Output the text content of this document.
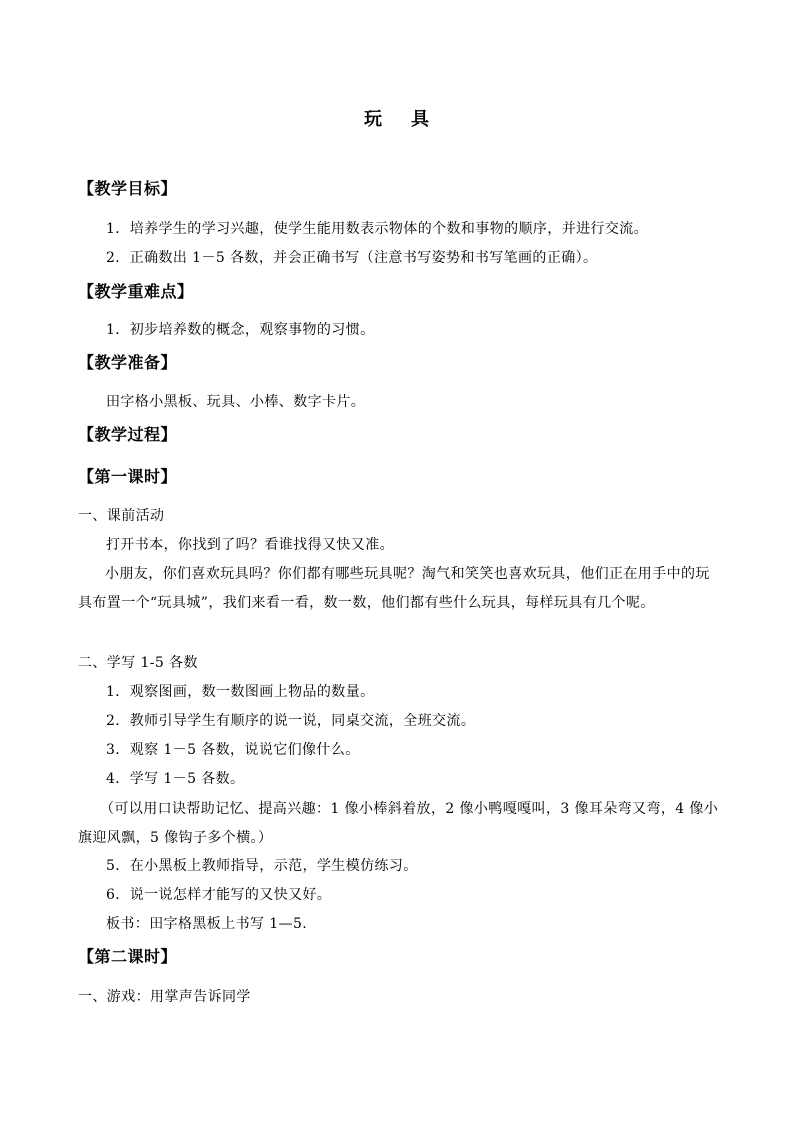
玩 具
【教学目标】
1．培养学生的学习兴趣，使学生能用数表示物体的个数和事物的顺序，并进行交流。
2．正确数出 1－5 各数，并会正确书写（注意书写姿势和书写笔画的正确）。
【教学重难点】
1．初步培养数的概念，观察事物的习惯。
【教学准备】
田字格小黑板、玩具、小棒、数字卡片。
【教学过程】
【第一课时】
一、课前活动
打开书本，你找到了吗？看谁找得又快又准。
小朋友，你们喜欢玩具吗？你们都有哪些玩具呢？淘气和笑笑也喜欢玩具，他们正在用手中的玩具布置一个“玩具城”，我们来看一看，数一数，他们都有些什么玩具，每样玩具有几个呢。
二、学写 1-5 各数
1．观察图画，数一数图画上物品的数量。
2．教师引导学生有顺序的说一说，同桌交流，全班交流。
3．观察 1－5 各数，说说它们像什么。
4．学写 1－5 各数。
（可以用口诀帮助记忆、提高兴趣：1 像小棒斜着放，2 像小鸭嘎嘎叫，3 像耳朵弯又弯，4 像小旗迎风飘，5 像钩子多个横。）
5．在小黑板上教师指导，示范，学生模仿练习。
6．说一说怎样才能写的又快又好。
板书：田字格黑板上书写 1—5.
【第二课时】
一、游戏：用掌声告诉同学
